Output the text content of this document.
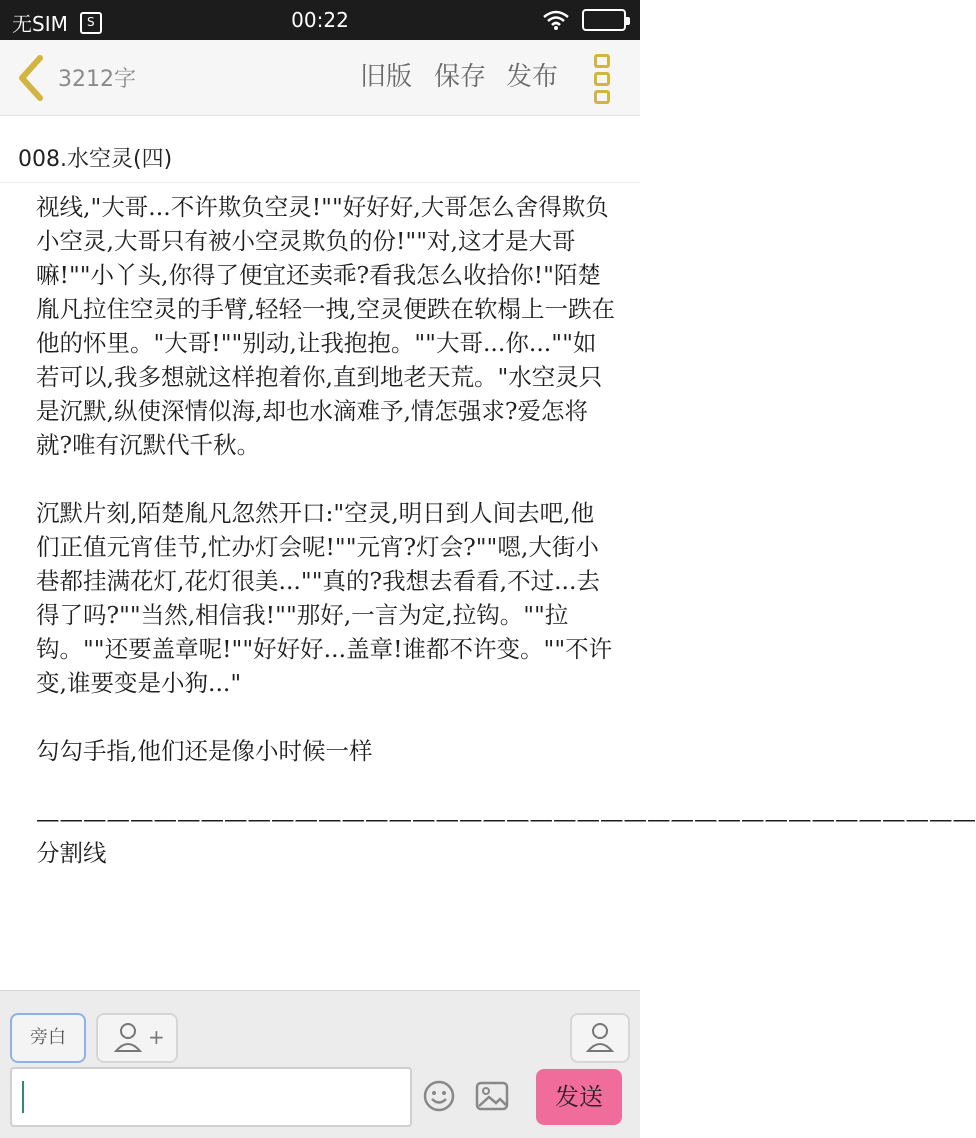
无SIM	S	00:22
3212字	旧版 保存 发布
008.水空灵(四)

视线,"大哥...不许欺负空灵!""好好好,大哥怎么舍得欺负小空灵,大哥只有被小空灵欺负的份!""对,这才是大哥嘛!""小丫头,你得了便宜还卖乖?看我怎么收拾你!"陌楚胤凡拉住空灵的手臂,轻轻一拽,空灵便跌在软榻上一跌在他的怀里。"大哥!""别动,让我抱抱。""大哥...你...""如若可以,我多想就这样抱着你,直到地老天荒。"水空灵只是沉默,纵使深情似海,却也水滴难予,情怎强求?爱怎将就?唯有沉默代千秋。

沉默片刻,陌楚胤凡忽然开口:"空灵,明日到人间去吧,他们正值元宵佳节,忙办灯会呢!""元宵?灯会?""嗯,大街小巷都挂满花灯,花灯很美...""真的?我想去看看,不过...去得了吗?""当然,相信我!""那好,一言为定,拉钩。""拉钩。""还要盖章呢!""好好好...盖章!谁都不许变。""不许变,谁要变是小狗..."

勾勾手指,他们还是像小时候一样

————————————————————————————————————————分割线

旁白	+
发送
